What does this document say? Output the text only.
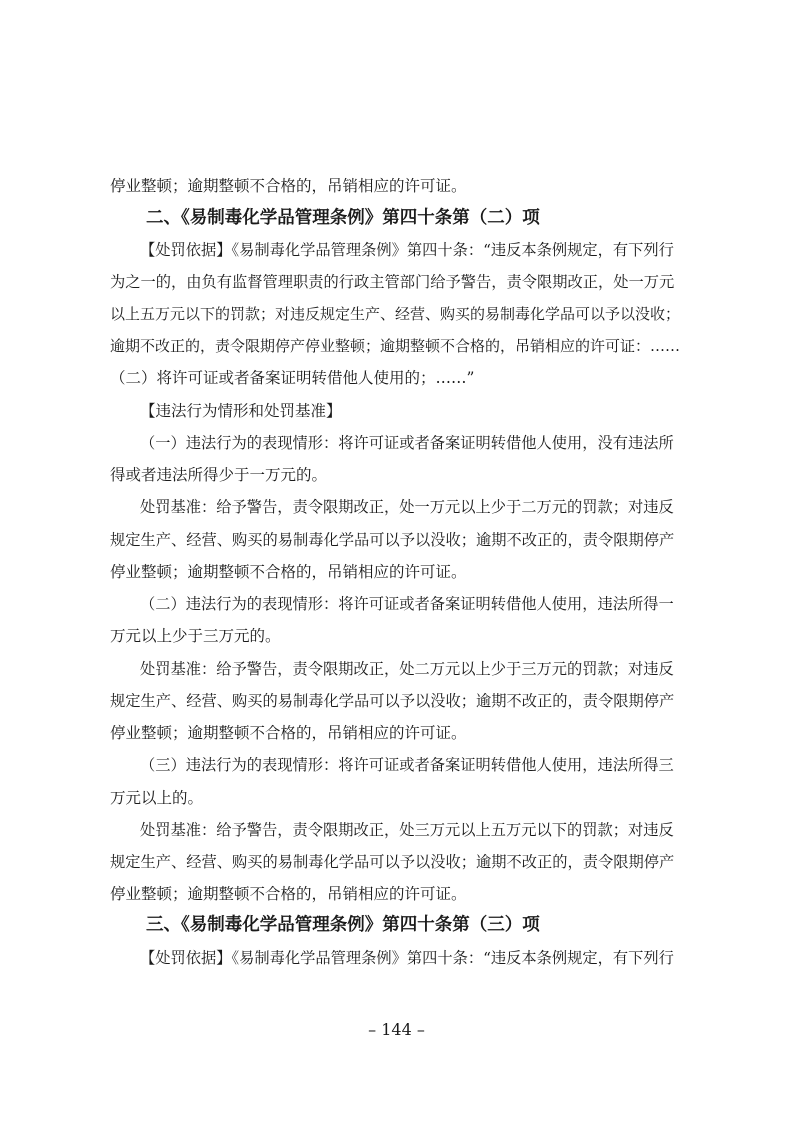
停业整顿；逾期整顿不合格的，吊销相应的许可证。
二、《易制毒化学品管理条例》第四十条第（二）项
【处罚依据】《易制毒化学品管理条例》第四十条：“违反本条例规定，有下列行
为之一的，由负有监督管理职责的行政主管部门给予警告，责令限期改正，处一万元
以上五万元以下的罚款；对违反规定生产、经营、购买的易制毒化学品可以予以没收；
逾期不改正的，责令限期停产停业整顿；逾期整顿不合格的，吊销相应的许可证：……
（二）将许可证或者备案证明转借他人使用的；……”
【违法行为情形和处罚基准】
（一）违法行为的表现情形：将许可证或者备案证明转借他人使用，没有违法所
得或者违法所得少于一万元的。
处罚基准：给予警告，责令限期改正，处一万元以上少于二万元的罚款；对违反
规定生产、经营、购买的易制毒化学品可以予以没收；逾期不改正的，责令限期停产
停业整顿；逾期整顿不合格的，吊销相应的许可证。
（二）违法行为的表现情形：将许可证或者备案证明转借他人使用，违法所得一
万元以上少于三万元的。
处罚基准：给予警告，责令限期改正，处二万元以上少于三万元的罚款；对违反
规定生产、经营、购买的易制毒化学品可以予以没收；逾期不改正的，责令限期停产
停业整顿；逾期整顿不合格的，吊销相应的许可证。
（三）违法行为的表现情形：将许可证或者备案证明转借他人使用，违法所得三
万元以上的。
处罚基准：给予警告，责令限期改正，处三万元以上五万元以下的罚款；对违反
规定生产、经营、购买的易制毒化学品可以予以没收；逾期不改正的，责令限期停产
停业整顿；逾期整顿不合格的，吊销相应的许可证。
三、《易制毒化学品管理条例》第四十条第（三）项
【处罚依据】《易制毒化学品管理条例》第四十条：“违反本条例规定，有下列行
– 144 –
